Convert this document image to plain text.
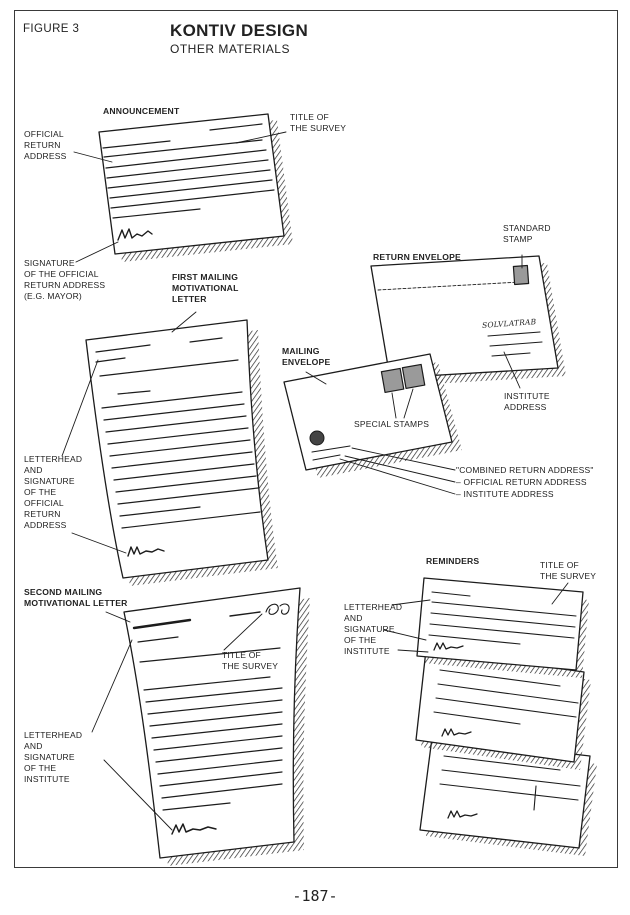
FIGURE 3	KONTIV DESIGN
OTHER MATERIALS
ANNOUNCEMENT
OFFICIAL
RETURN
ADDRESS
TITLE OF
THE SURVEY
SIGNATURE
OF THE OFFICIAL
RETURN ADDRESS
(E.G. MAYOR)
FIRST MAILING
MOTIVATIONAL
LETTER
LETTERHEAD
AND
SIGNATURE
OF THE
OFFICIAL
RETURN
ADDRESS
RETURN ENVELOPE
STANDARD
STAMP
INSTITUTE
ADDRESS
SOLVLATRAB
MAILING
ENVELOPE
SPECIAL STAMPS
"COMBINED RETURN ADDRESS"
– OFFICIAL RETURN ADDRESS
– INSTITUTE ADDRESS
SECOND MAILING
MOTIVATIONAL LETTER
TITLE OF
THE SURVEY
LETTERHEAD
AND
SIGNATURE
OF THE
INSTITUTE
REMINDERS	TITLE OF
THE SURVEY
LETTERHEAD
AND
SIGNATURE
OF THE
INSTITUTE
-187-
